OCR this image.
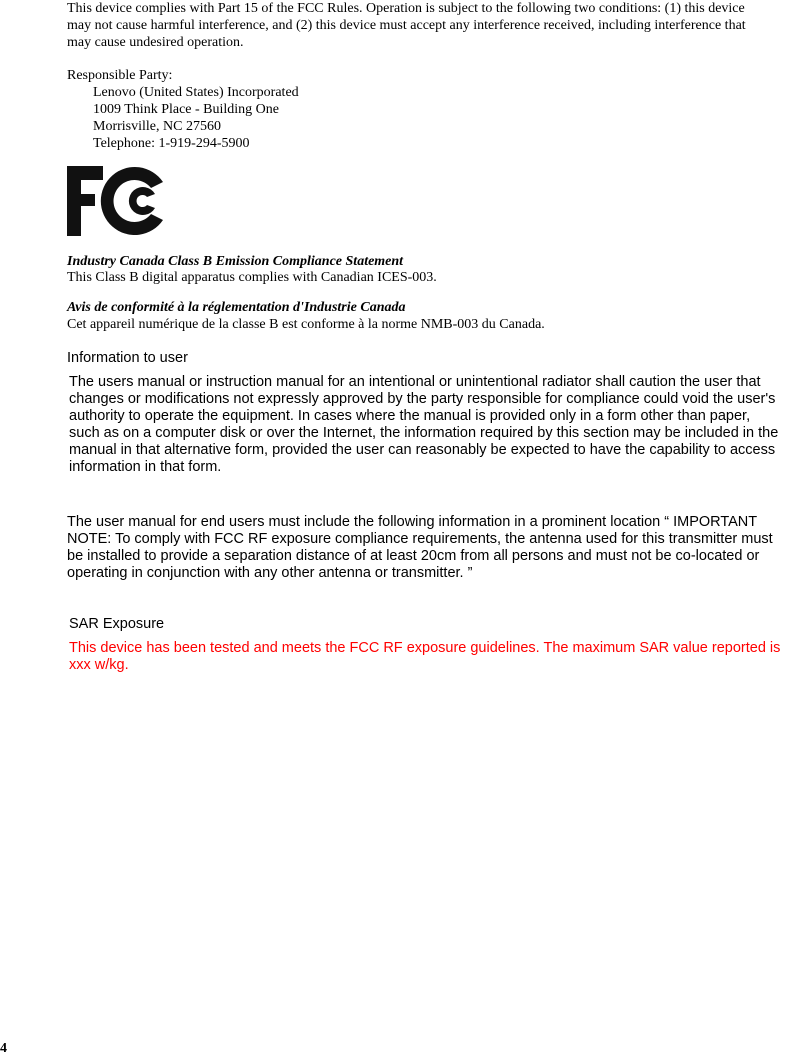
This device complies with Part 15 of the FCC Rules. Operation is subject to the following two conditions: (1) this device may not cause harmful interference, and (2) this device must accept any interference received, including interference that may cause undesired operation.

Responsible Party:
Lenovo (United States) Incorporated
1009 Think Place - Building One
Morrisville, NC 27560
Telephone: 1-919-294-5900
Industry Canada Class B Emission Compliance Statement
This Class B digital apparatus complies with Canadian ICES-003.
Avis de conformité à la réglementation d'Industrie Canada
Cet appareil numérique de la classe B est conforme à la norme NMB-003 du Canada.
Information to user

The users manual or instruction manual for an intentional or unintentional radiator shall caution the user that changes or modifications not expressly approved by the party responsible for compliance could void the user's authority to operate the equipment. In cases where the manual is provided only in a form other than paper, such as on a computer disk or over the Internet, the information required by this section may be included in the manual in that alternative form, provided the user can reasonably be expected to have the capability to access information in that form.

The user manual for end users must include the following information in a prominent location “ IMPORTANT NOTE: To comply with FCC RF exposure compliance requirements, the antenna used for this transmitter must be installed to provide a separation distance of at least 20cm from all persons and must not be co-located or operating in conjunction with any other antenna or transmitter. ”

SAR Exposure

This device has been tested and meets the FCC RF exposure guidelines. The maximum SAR value reported is xxx w/kg.

4
